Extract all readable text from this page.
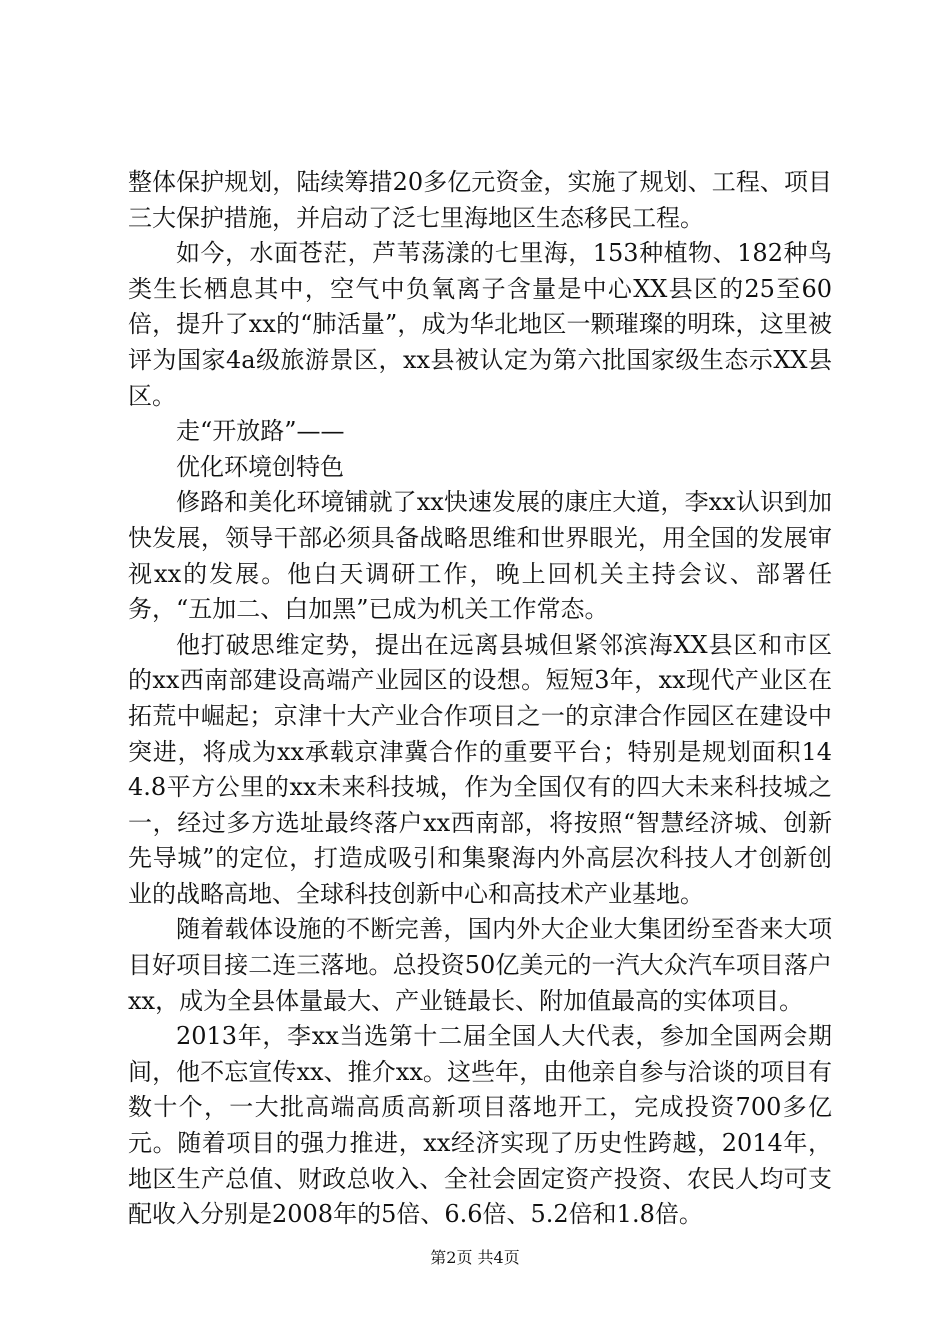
整体保护规划，陆续筹措20多亿元资金，实施了规划、工程、项目三大保护措施，并启动了泛七里海地区生态移民工程。

如今，水面苍茫，芦苇荡漾的七里海，153种植物、182种鸟类生长栖息其中，空气中负氧离子含量是中心XX县区的25至60倍，提升了xx的“肺活量”，成为华北地区一颗璀璨的明珠，这里被评为国家4a级旅游景区，xx县被认定为第六批国家级生态示XX县区。

走“开放路”——

优化环境创特色

修路和美化环境铺就了xx快速发展的康庄大道，李xx认识到加快发展，领导干部必须具备战略思维和世界眼光，用全国的发展审视xx的发展。他白天调研工作，晚上回机关主持会议、部署任务，“五加二、白加黑”已成为机关工作常态。

他打破思维定势，提出在远离县城但紧邻滨海XX县区和市区的xx西南部建设高端产业园区的设想。短短3年，xx现代产业区在拓荒中崛起；京津十大产业合作项目之一的京津合作园区在建设中突进，将成为xx承载京津冀合作的重要平台；特别是规划面积144.8平方公里的xx未来科技城，作为全国仅有的四大未来科技城之一，经过多方选址最终落户xx西南部，将按照“智慧经济城、创新先导城”的定位，打造成吸引和集聚海内外高层次科技人才创新创业的战略高地、全球科技创新中心和高技术产业基地。

随着载体设施的不断完善，国内外大企业大集团纷至沓来大项目好项目接二连三落地。总投资50亿美元的一汽大众汽车项目落户xx，成为全县体量最大、产业链最长、附加值最高的实体项目。

2013年，李xx当选第十二届全国人大代表，参加全国两会期间，他不忘宣传xx、推介xx。这些年，由他亲自参与洽谈的项目有数十个，一大批高端高质高新项目落地开工，完成投资700多亿元。随着项目的强力推进，xx经济实现了历史性跨越，2014年，地区生产总值、财政总收入、全社会固定资产投资、农民人均可支配收入分别是2008年的5倍、6.6倍、5.2倍和1.8倍。

第2页 共4页
